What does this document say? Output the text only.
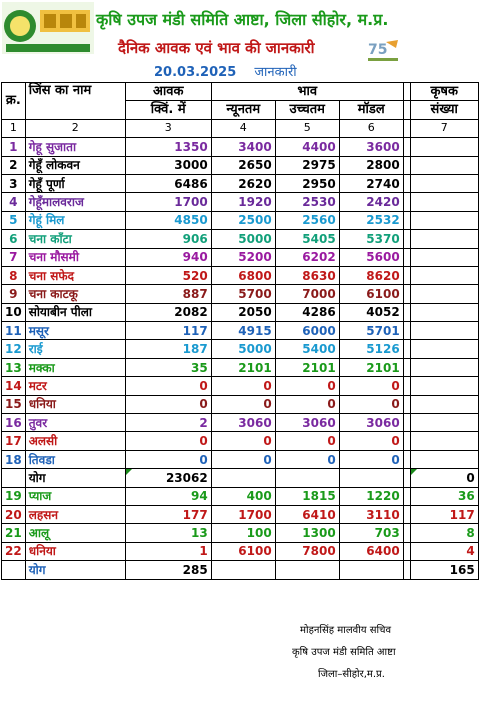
कृषि उपज मंडी समिति आष्टा, जिला सीहोर, म.प्र.
दैनिक आवक एवं भाव की जानकारी	75
20.03.2025 जानकारी
क्र.	जिंस का नाम	आवक	भाव				कृषक
		क्विं. में	न्यूनतम	उच्चतम	मॉडल		संख्या
1	2	3	4	5	6		7
1	गेहू सुजाता	1350	3400	4400	3600		
2	गेहूँ लोकवन	3000	2650	2975	2800		
3	गेहूँ पूर्णा	6486	2620	2950	2740		
4	गेहूँमालवराज	1700	1920	2530	2420		
5	गेहूं मिल	4850	2500	2560	2532		
6	चना कॉंटा	906	5000	5405	5370		
7	चना मौसमी	940	5200	6202	5600		
8	चना सफेद	520	6800	8630	8620		
9	चना काटकू	887	5700	7000	6100		
10	सोयाबीन पीला	2082	2050	4286	4052		
11	मसूर	117	4915	6000	5701		
12	राई	187	5000	5400	5126		
13	मक्का	35	2101	2101	2101		
14	मटर	0	0	0	0		
15	धनिया	0	0	0	0		
16	तुवर	2	3060	3060	3060		
17	अलसी	0	0	0	0		
18	तिवडा	0	0	0	0		
	योग	23062					0
19	प्याज	94	400	1815	1220		36
20	लहसन	177	1700	6410	3110		117
21	आलू	13	100	1300	703		8
22	धनिया	1	6100	7800	6400		4
	योग	285					165
मोहनसिंह मालवीय सचिव
कृषि उपज मंडी समिति आष्टा
जिला–सीहोर,म.प्र.
